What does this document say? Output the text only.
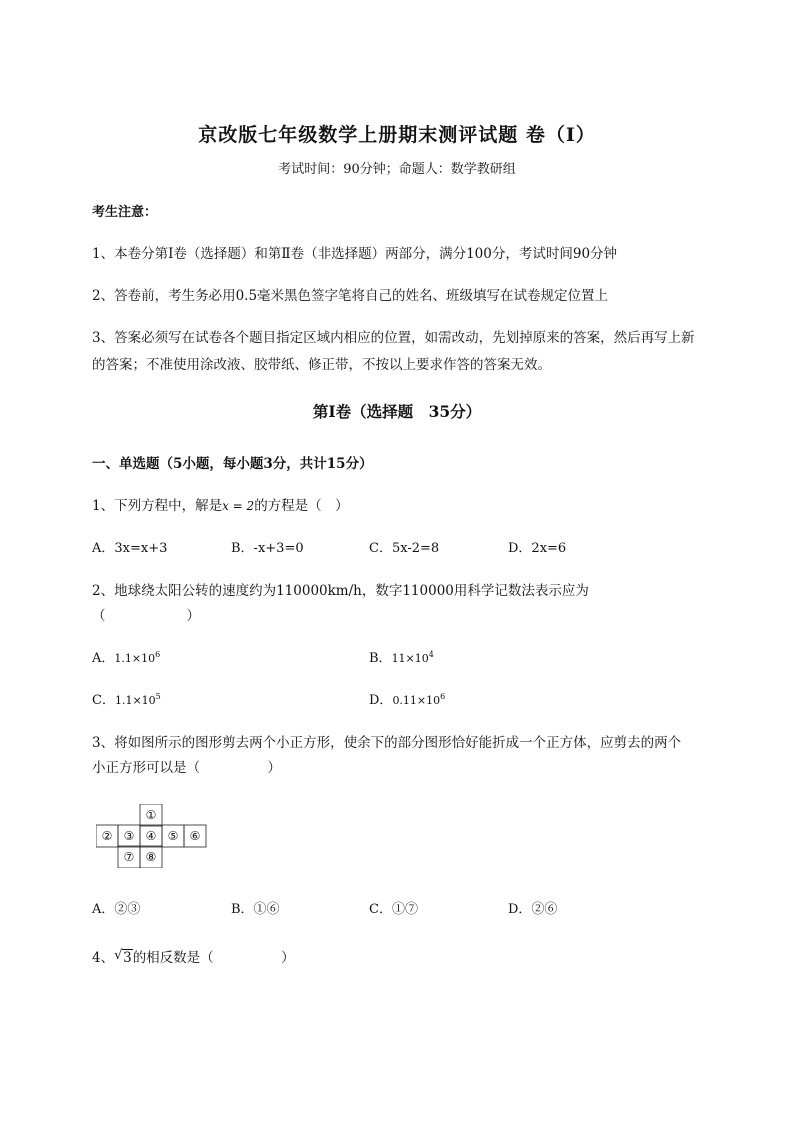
京改版七年级数学上册期末测评试题 卷（Ⅰ）
考试时间：90分钟；命题人：数学教研组
考生注意：
1、本卷分第I卷（选择题）和第Ⅱ卷（非选择题）两部分，满分100分，考试时间90分钟
2、答卷前，考生务必用0.5毫米黑色签字笔将自己的姓名、班级填写在试卷规定位置上
3、答案必须写在试卷各个题目指定区域内相应的位置，如需改动，先划掉原来的答案，然后再写上新
的答案；不准使用涂改液、胶带纸、修正带，不按以上要求作答的答案无效。
第I卷（选择题　35分）
一、单选题（5小题，每小题3分，共计15分）
1、下列方程中，解是x = 2的方程是（　）
A．3x=x+3	B．-x+3=0	C．5x-2=8	D．2x=6
2、地球绕太阳公转的速度约为110000km/h，数字110000用科学记数法表示应为
（　　　　　　）
A．$1.1\times 10^6$	B．$11\times 10^4$
C．$1.1\times 10^5$	D．$0.11\times 10^6$
3、将如图所示的图形剪去两个小正方形，使余下的部分图形恰好能折成一个正方体，应剪去的两个
小正方形可以是（　　　　　）
①
② ③ ④ ⑤ ⑥
⑦ ⑧
A．②③	B．①⑥	C．①⑦	D．②⑥
4、 √ 3的相反数是（　　　　　）
